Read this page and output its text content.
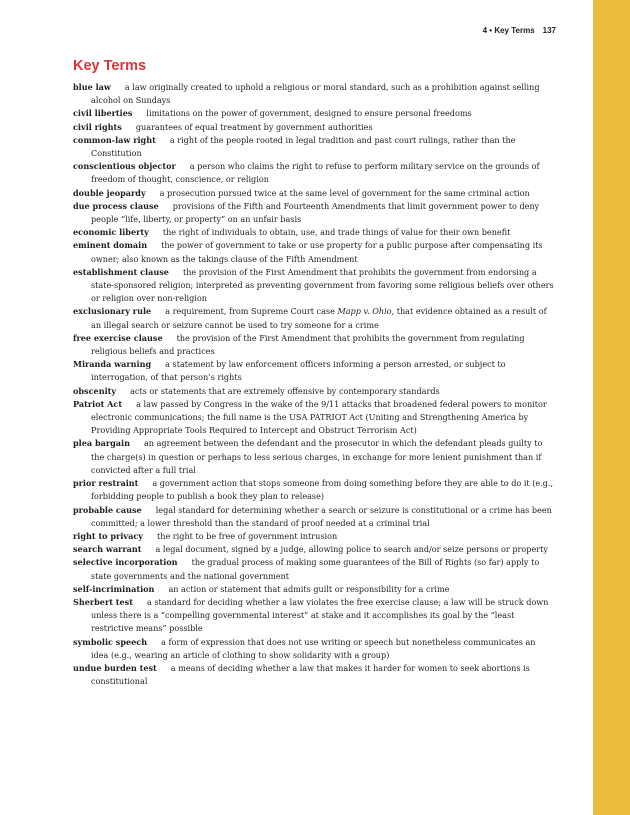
4 • Key Terms 137
Key Terms

blue law a law originally created to uphold a religious or moral standard, such as a prohibition against selling alcohol on Sundays

civil liberties limitations on the power of government, designed to ensure personal freedoms

civil rights guarantees of equal treatment by government authorities

common-law right a right of the people rooted in legal tradition and past court rulings, rather than the Constitution

conscientious objector a person who claims the right to refuse to perform military service on the grounds of freedom of thought, conscience, or religion

double jeopardy a prosecution pursued twice at the same level of government for the same criminal action

due process clause provisions of the Fifth and Fourteenth Amendments that limit government power to deny people “life, liberty, or property” on an unfair basis

economic liberty the right of individuals to obtain, use, and trade things of value for their own benefit

eminent domain the power of government to take or use property for a public purpose after compensating its owner; also known as the takings clause of the Fifth Amendment

establishment clause the provision of the First Amendment that prohibits the government from endorsing a state-sponsored religion; interpreted as preventing government from favoring some religious beliefs over others or religion over non-religion

exclusionary rule a requirement, from Supreme Court case Mapp v. Ohio, that evidence obtained as a result of an illegal search or seizure cannot be used to try someone for a crime

free exercise clause the provision of the First Amendment that prohibits the government from regulating religious beliefs and practices

Miranda warning a statement by law enforcement officers informing a person arrested, or subject to interrogation, of that person’s rights

obscenity acts or statements that are extremely offensive by contemporary standards

Patriot Act a law passed by Congress in the wake of the 9/11 attacks that broadened federal powers to monitor electronic communications; the full name is the USA PATRIOT Act (Uniting and Strengthening America by Providing Appropriate Tools Required to Intercept and Obstruct Terrorism Act)

plea bargain an agreement between the defendant and the prosecutor in which the defendant pleads guilty to the charge(s) in question or perhaps to less serious charges, in exchange for more lenient punishment than if convicted after a full trial

prior restraint a government action that stops someone from doing something before they are able to do it (e.g., forbidding people to publish a book they plan to release)

probable cause legal standard for determining whether a search or seizure is constitutional or a crime has been committed; a lower threshold than the standard of proof needed at a criminal trial

right to privacy the right to be free of government intrusion

search warrant a legal document, signed by a judge, allowing police to search and/or seize persons or property

selective incorporation the gradual process of making some guarantees of the Bill of Rights (so far) apply to state governments and the national government

self-incrimination an action or statement that admits guilt or responsibility for a crime

Sherbert test a standard for deciding whether a law violates the free exercise clause; a law will be struck down unless there is a “compelling governmental interest” at stake and it accomplishes its goal by the “least restrictive means” possible

symbolic speech a form of expression that does not use writing or speech but nonetheless communicates an idea (e.g., wearing an article of clothing to show solidarity with a group)

undue burden test a means of deciding whether a law that makes it harder for women to seek abortions is constitutional
